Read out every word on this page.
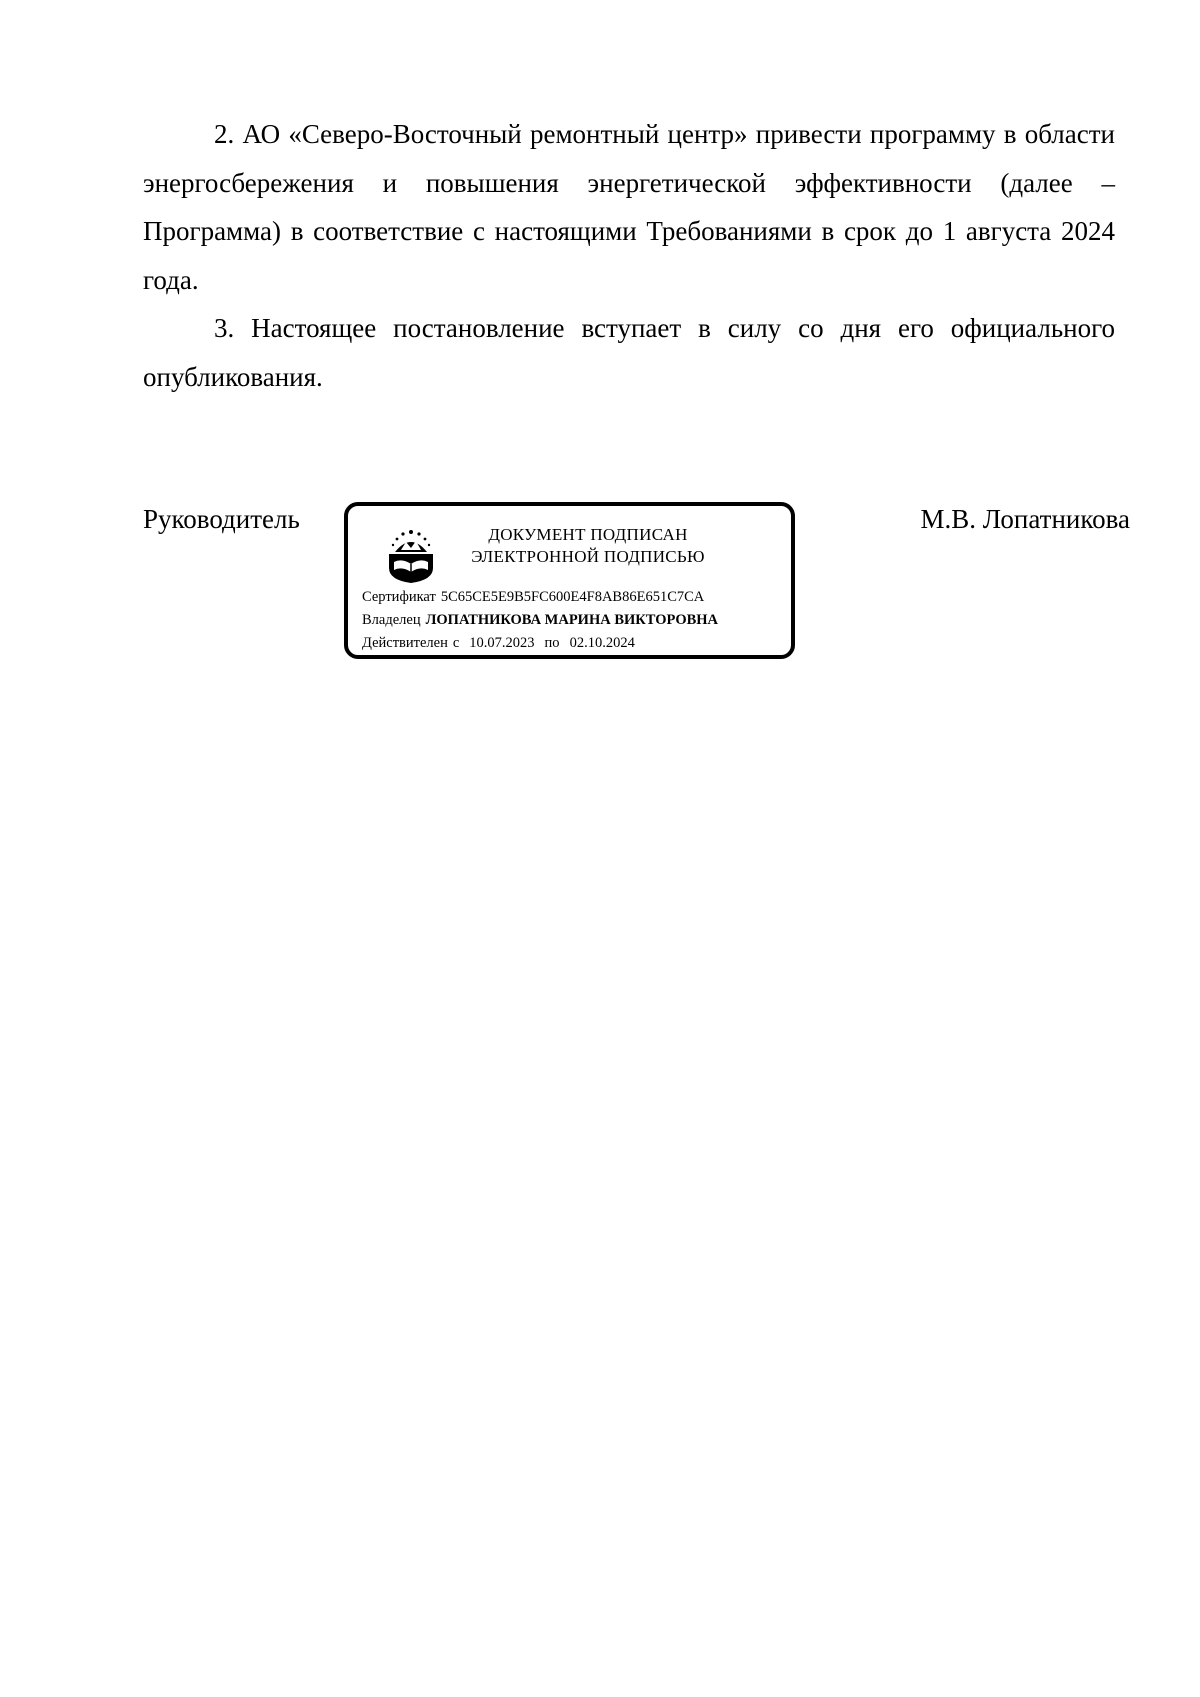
2. АО «Северо-Восточный ремонтный центр» привести программу в области энергосбережения и повышения энергетической эффективности (далее – Программа) в соответствие с настоящими Требованиями в срок до 1 августа 2024 года.

3. Настоящее постановление вступает в силу со дня его официального опубликования.

Руководитель
ДОКУМЕНТ ПОДПИСАН
ЭЛЕКТРОННОЙ ПОДПИСЬЮ
Сертификат 5C65CE5E9B5FC600E4F8AB86E651C7CA
Владелец ЛОПАТНИКОВА МАРИНА ВИКТОРОВНА
Действителен с 10.07.2023 по 02.10.2024
М.В. Лопатникова
